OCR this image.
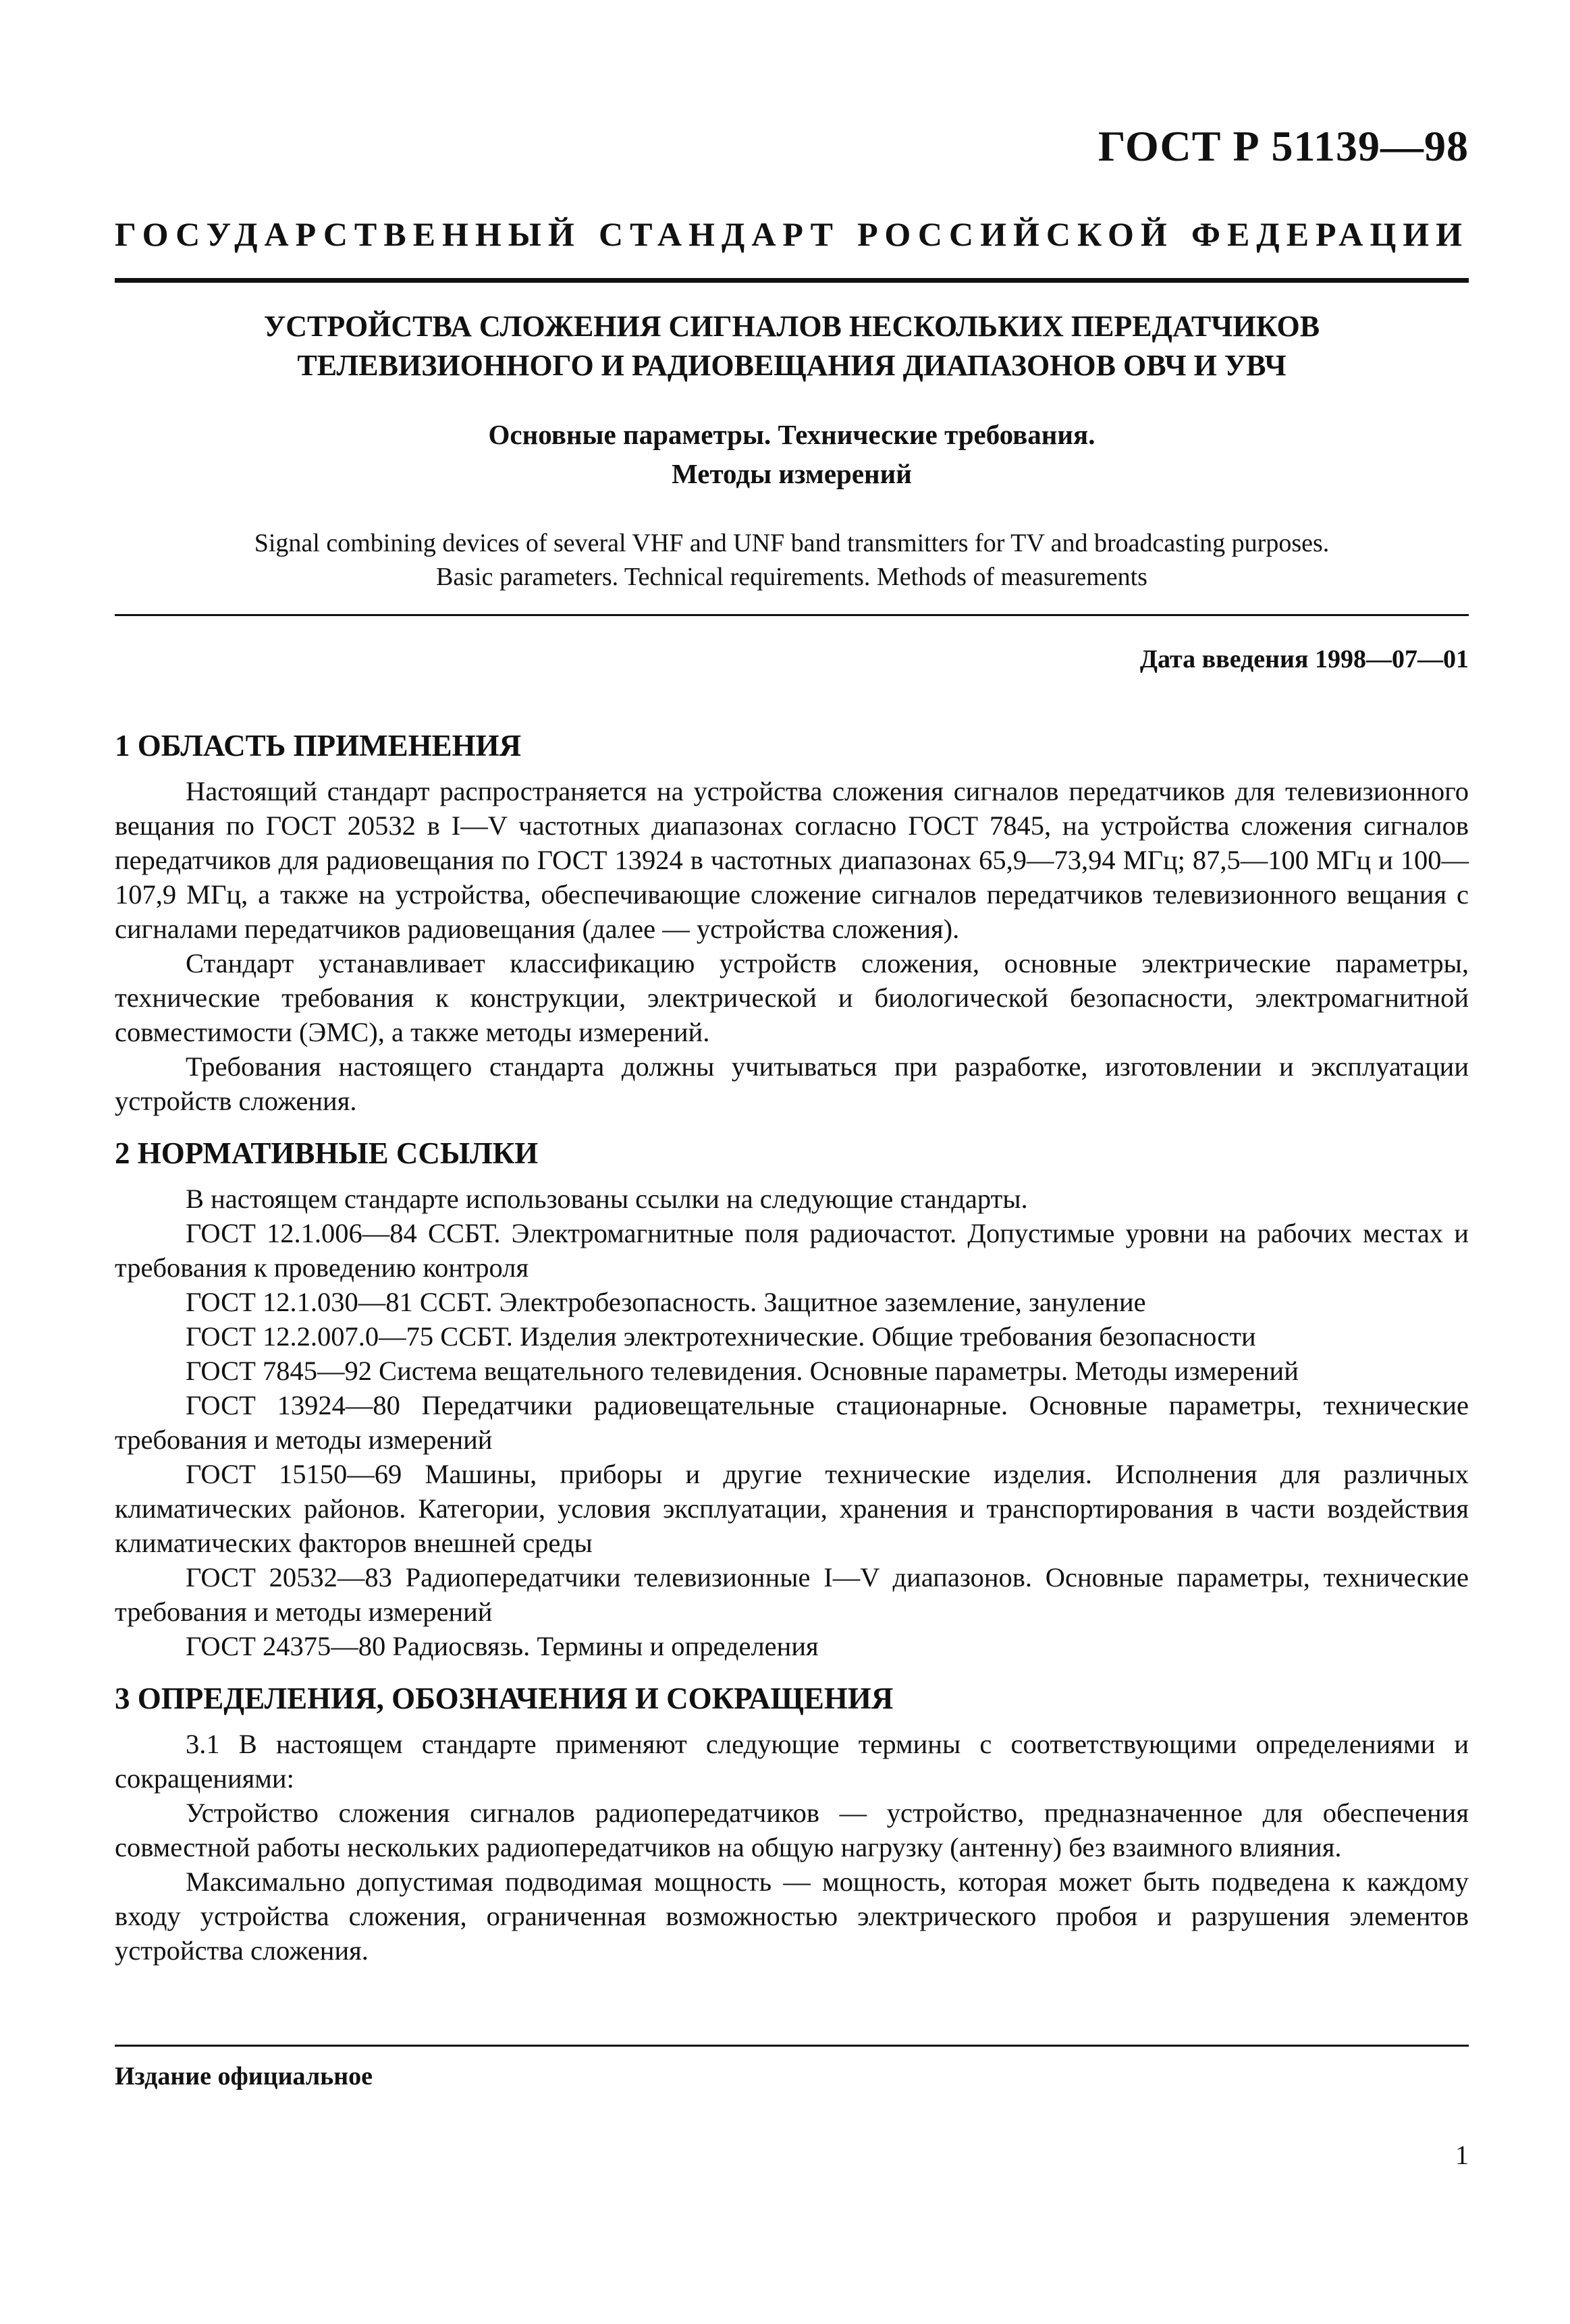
ГОСТ Р 51139—98
ГОСУДАРСТВЕННЫЙ СТАНДАРТ РОССИЙСКОЙ ФЕДЕРАЦИИ
УСТРОЙСТВА СЛОЖЕНИЯ СИГНАЛОВ НЕСКОЛЬКИХ ПЕРЕДАТЧИКОВ
ТЕЛЕВИЗИОННОГО И РАДИОВЕЩАНИЯ ДИАПАЗОНОВ ОВЧ И УВЧ
Основные параметры. Технические требования.
Методы измерений
Signal combining devices of several VHF and UNF band transmitters for TV and broadcasting purposes.
Basic parameters. Technical requirements. Methods of measurements
Дата введения 1998—07—01
1 ОБЛАСТЬ ПРИМЕНЕНИЯ

Настоящий стандарт распространяется на устройства сложения сигналов передатчиков для телевизионного вещания по ГОСТ 20532 в I—V частотных диапазонах согласно ГОСТ 7845, на устройства сложения сигналов передатчиков для радиовещания по ГОСТ 13924 в частотных диапазонах 65,9—73,94 МГц; 87,5—100 МГц и 100—107,9 МГц, а также на устройства, обеспечивающие сложение сигналов передатчиков телевизионного вещания с сигналами передатчиков радиовещания (далее — устройства сложения).

Стандарт устанавливает классификацию устройств сложения, основные электрические параметры, технические требования к конструкции, электрической и биологической безопасности, электромагнитной совместимости (ЭМС), а также методы измерений.

Требования настоящего стандарта должны учитываться при разработке, изготовлении и эксплуатации устройств сложения.

2 НОРМАТИВНЫЕ ССЫЛКИ

В настоящем стандарте использованы ссылки на следующие стандарты.

ГОСТ 12.1.006—84 ССБТ. Электромагнитные поля радиочастот. Допустимые уровни на рабочих местах и требования к проведению контроля

ГОСТ 12.1.030—81 ССБТ. Электробезопасность. Защитное заземление, зануление

ГОСТ 12.2.007.0—75 ССБТ. Изделия электротехнические. Общие требования безопасности

ГОСТ 7845—92 Система вещательного телевидения. Основные параметры. Методы измерений

ГОСТ 13924—80 Передатчики радиовещательные стационарные. Основные параметры, технические требования и методы измерений

ГОСТ 15150—69 Машины, приборы и другие технические изделия. Исполнения для различных климатических районов. Категории, условия эксплуатации, хранения и транспортирования в части воздействия климатических факторов внешней среды

ГОСТ 20532—83 Радиопередатчики телевизионные I—V диапазонов. Основные параметры, технические требования и методы измерений

ГОСТ 24375—80 Радиосвязь. Термины и определения

3 ОПРЕДЕЛЕНИЯ, ОБОЗНАЧЕНИЯ И СОКРАЩЕНИЯ

3.1 В настоящем стандарте применяют следующие термины с соответствующими определениями и сокращениями:

Устройство сложения сигналов радиопередатчиков — устройство, предназначенное для обеспечения совместной работы нескольких радиопередатчиков на общую нагрузку (антенну) без взаимного влияния.

Максимально допустимая подводимая мощность — мощность, которая может быть подведена к каждому входу устройства сложения, ограниченная возможностью электрического пробоя и разрушения элементов устройства сложения.

Издание официальное
1
